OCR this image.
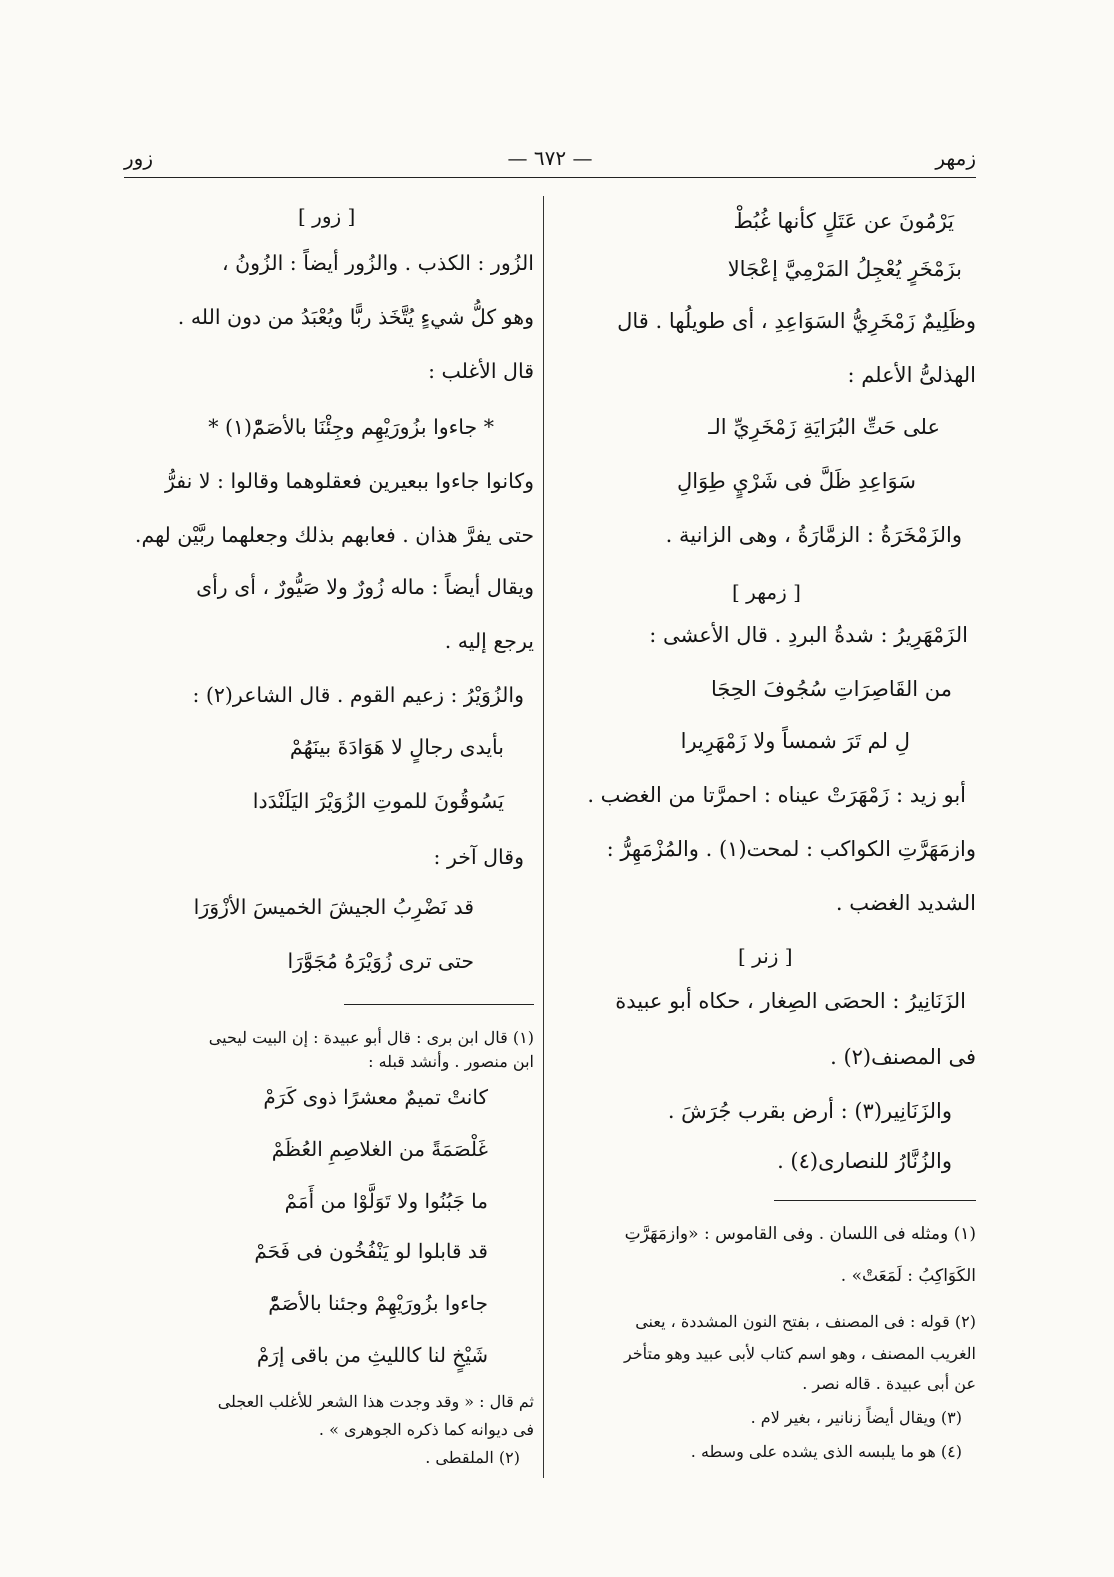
زمهر
— ٦٧٢ —
زور
يَرْمُونَ عن عَتَلٍ كأنها غُبُطْ
بزَمْخَرٍ يُعْجِلُ المَرْمِيَّ إعْجَالا
وظَلِيمٌ زَمْخَرِيُّ السَوَاعِدِ ، أى طويلُها . قال
الهذلىُّ الأعلم :
على حَتِّ البُرَايَةِ زَمْخَرِيِّ الـ
سَوَاعِدِ ظَلَّ فى شَرْيٍ طِوَالِ
والزَمْخَرَةُ : الزمَّارَةُ ، وهى الزانية .
[ زمهر ]
الزَمْهَرِيرُ : شدةُ البردِ . قال الأعشى :
من القَاصِرَاتِ سُجُوفَ الحِجَا
لِ لم تَرَ شمساً ولا زَمْهَرِيرا
أبو زيد : زَمْهَرَتْ عيناه : احمرَّتا من الغضب .
وازمَهَرَّتِ الكواكب : لمحت(١) . والمُزْمَهِرُّ :
الشديد الغضب .
[ زنر ]
الزَنَانِيرُ : الحصَى الصِغار ، حكاه أبو عبيدة
فى المصنف(٢) .
والزَنَانِير(٣) : أرض بقرب جُرَشَ .
والزُنَّارُ للنصارى(٤) .
(١) ومثله فى اللسان . وفى القاموس : «وازمَهَرَّتِ
الكَوَاكِبُ : لَمَعَتْ» .
(٢) قوله : فى المصنف ، بفتح النون المشددة ، يعنى
الغريب المصنف ، وهو اسم كتاب لأبى عبيد وهو متأخر
عن أبى عبيدة . قاله نصر .
(٣) ويقال أيضاً زنانير ، بغير لام .
(٤) هو ما يلبسه الذى يشده على وسطه .
[ زور ]
الزُور : الكذب . والزُور أيضاً : الزُونُ ،
وهو كلُّ شيءٍ يُتَّخَذ ربًّا ويُعْبَدُ من دون الله .
قال الأغلب :
* جاءوا بزُورَيْهِم وجِئْنَا بالأصَمّْ(١) *
وكانوا جاءوا ببعيرين فعقلوهما وقالوا : لا نفرُّ
حتى يفرَّ هذان . فعابهم بذلك وجعلهما ربَّيْن لهم.
ويقال أيضاً : ماله زُورٌ ولا صَيُّورٌ ، أى رأى
يرجع إليه .
والزُوَيْرُ : زعيم القوم . قال الشاعر(٢) :
بأيدى رجالٍ لا هَوَادَةَ بينَهُمْ
يَسُوقُونَ للموتِ الزُوَيْرَ اليَلَنْدَدا
وقال آخر :
قد نَضْرِبُ الجيشَ الخميسَ الأزْوَرَا
حتى ترى زُوَيْرَهُ مُجَوَّرَا
(١) قال ابن برى : قال أبو عبيدة : إن البيت ليحيى
ابن منصور . وأنشد قبله :
كانتْ تميمٌ معشرًا ذوى كَرَمْ
غَلْصَمَةً من الغلاصِمِ العُظَمْ
ما جَبُنُوا ولا تَوَلَّوْا من أَمَمْ
قد قابلوا لو يَنْفُخُون فى فَحَمْ
جاءوا بزُورَيْهِمْ وجئنا بالأصَمّْ
شَيْخٍ لنا كالليثِ من باقى إرَمْ
ثم قال : « وقد وجدت هذا الشعر للأغلب العجلى
فى ديوانه كما ذكره الجوهرى » .
(٢) الملقطى .
